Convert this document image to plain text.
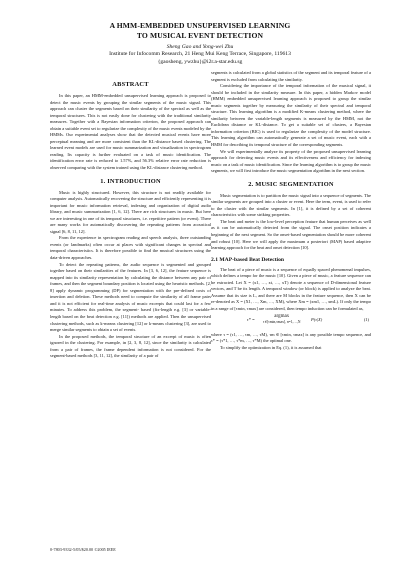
A HMM-EMBEDDED UNSUPERVISED LEARNING
TO MUSICAL EVENT DETECTION
Sheng Gao and Yong-wei Zhu
Institute for Infocomm Research, 21 Heng Mui Keng Terrace, Singapore, 119613
{gaosheng, ywzhu}@i2r.a-star.edu.sg
ABSTRACT

In this paper, an HMM-embedded unsupervised learning approach is proposed to detect the music events by grouping the similar segments of the music signal. This approach can cluster the segments based on their similarity of the spectral as well as the temporal structures. This is not easily done for clustering with the traditional similarity measures. Together with a Bayesian information criterion, the proposed approach can obtain a suitable event set to regularize the complexity of the music events modeled by the HMMs. Our experimental analyses show that the detected musical events have more perceptual meaning and are more consistent than the KL-distance based clustering. The learned event models are used for music summarization and visualization in spectrogram reading. Its capacity is further evaluated on a task of music identification. The identification error rate is reduced to 1.57%, and 56.3% relative error rate reduction is observed comparing with the system trained using the KL-distance clustering method.

1. INTRODUCTION

Music is highly structured. However, this structure is not readily available for computer analysis. Automatically recovering the structure and efficiently representing it is important for music information retrieval, indexing and organization of digital audio library, and music summarization [1, 6, 12]. There are rich structures in music. But here we are interesting in one of its temporal structures, i.e. repetitive pattern (or event). There are many works for automatically discovering the repeating patterns from acoustical signal [6, 8, 11, 12].

From the experience in spectrogram reading and speech analysis, three outstanding events (or landmarks) often occur at places with significant changes in spectral and temporal characteristics. It is therefore possible to find the musical structures using the data-driven approaches.

To detect the repeating patterns, the audio sequence is segmented and grouped together based on their similarities of the features. In [3, 6, 12], the feature sequence is mapped into its similarity representation by calculating the distance between any pair of frames, and then the segment boundary position is located using the heuristic methods. [2, 8] apply dynamic programming (DP) for segmentation with the pre-defined costs of insertion and deletion. These methods need to compute the similarity of all frame pairs and it is not efficient for real-time analysis of music excerpts that could last for a few minutes. To address this problem, the segment- based (fix-length e.g. [3] or variable-length based on the beat detection e.g. [11]) methods are applied. Then the unsupervised clustering methods, such as k-means clustering [12] or k-means clustering [3], are used to merge similar segments to obtain a set of events.

In the proposed methods, the temporal structure of an excerpt of music is often ignored in the clustering. For example, in [2, 3, 8, 12], since the similarity is calculated from a pair of frames, the frame dependent information is not considered. For the segment-based methods [3, 11, 12], the similarity of a pair of

segments is calculated from a global statistics of the segment and its temporal feature of a segment is excluded from calculating the similarity.

Considering the importance of the temporal information of the musical signal, it should be included in the similarity measure. In this paper, a hidden Markov model (HMM) embedded unsupervised learning approach is proposed to group the similar music segments together by measuring the similarity of their spectral and temporal structure. This learning algorithm is a modified K-means clustering method, where the similarity between the variable-length segments is measured by the HMM, not the Euclidean distance or KL-distance. To get a suitable set of clusters, a Bayesian information criterion (BIC) is used to regularize the complexity of the model structure. This learning algorithm can automatically generate a set of music event, each with a HMM for describing its temporal structure of the corresponding segments.

We will experimentally analyze its property of the proposed unsupervised learning approach for detecting music events and its effectiveness and efficiency for indexing music on a task of music identification. Since the learning algorithm is to group the music segments, we will first introduce the music segmentation algorithm in the next section.

2. MUSIC SEGMENTATION

Music segmentation is to partition the music signal into a sequence of segments. The similar segments are grouped into a cluster or event. Here the term, event, is used to refer to the cluster with the similar segments. In [1], it is defined by a set of coherent characteristics with some striking properties.

The beat and meter is the low-level perception feature that human perceives as well as it can be automatically detected from the signal. The onset position indicates a beginning of the next segment. So the onset-based segmentation should be more coherent and robust [10]. Here we will apply the maximum a posteriori (MAP) based adaptive learning approach for the beat and onset detection [10].

2.1 MAP-based Beat Detection

The beat of a piece of music is a sequence of equally spaced phenomenal impulses, which defines a tempo for the music [10]. Given a piece of music, a feature sequence can be extracted. Let X = (x1, …, xt, …, xT) denote a sequence of D-dimensional feature vectors, and T be its length. A temporal window (or block) is applied to analyze the beat. Assume that its size is L, and there are M blocks in the feature sequence, then X can be re-denoted as X = (X1, …, Xm, …, XM), where Xm = (xm1, …, xmL). If only the tempo in a range of [τmin, τmax] are considered, then tempo induction can be formulated as,

τ* =
argmax
τ∈[τmin,τmax], n=1,…,N P(τ|X)	(1)

where τ = (τ1, …, τm, …, τM), τm ∈ [τmin, τmax] is any possible tempo sequence, and τ* = (τ*1, …, τ*m, …, τ*M) the optimal one.

To simplify the optimization in Eq. (1), it is assumed that

0-7803-9332-5/05/$20.00 ©2005 IEEE
